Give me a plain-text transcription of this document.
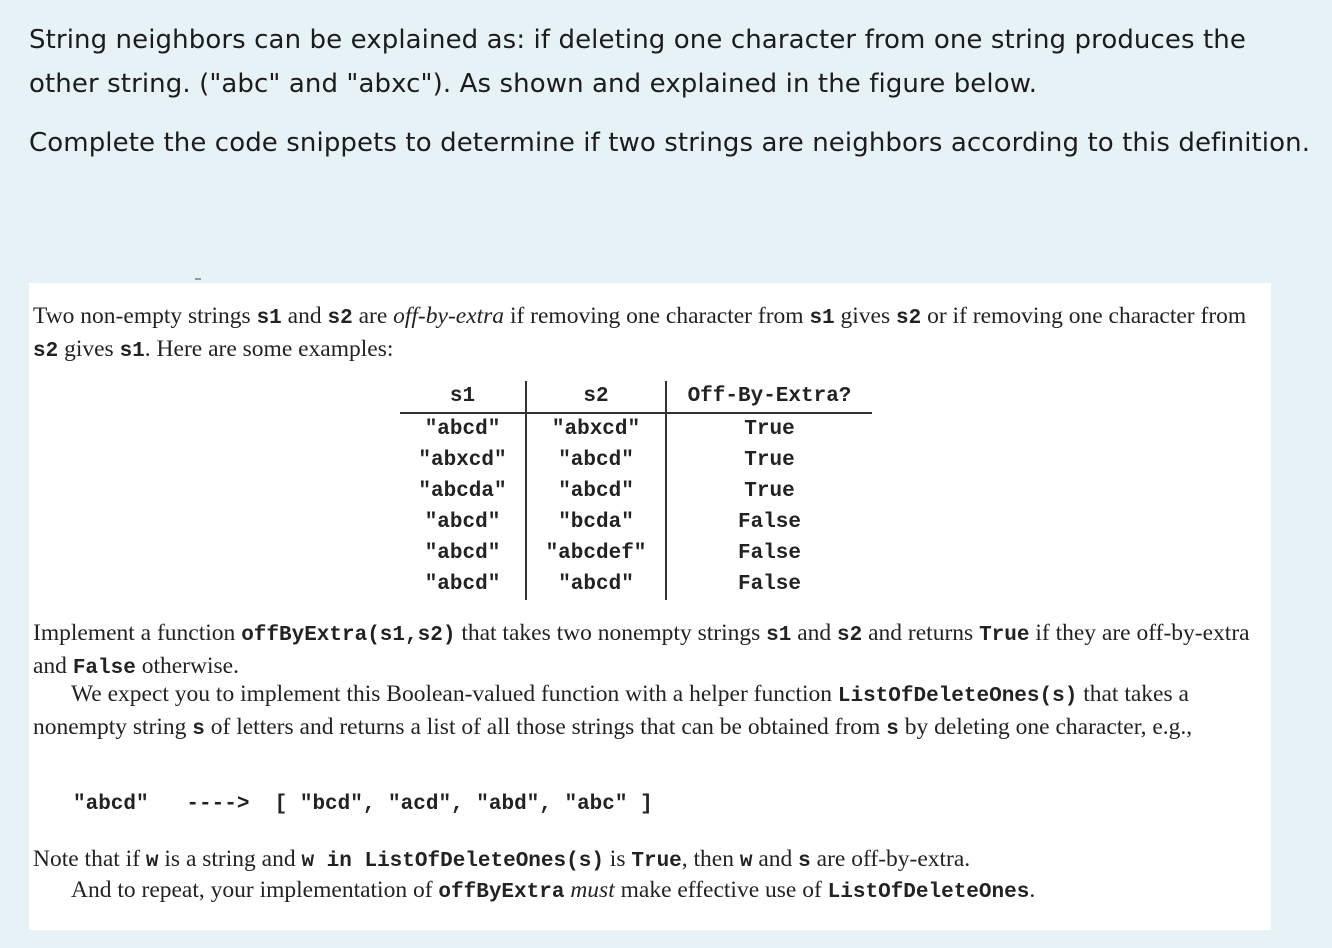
String neighbors can be explained as: if deleting one character from one string produces the other string. ("abc" and "abxc"). As shown and explained in the figure below.

Complete the code snippets to determine if two strings are neighbors according to this definition.

Two non-empty strings s1 and s2 are off-by-extra if removing one character from s1 gives s2 or if removing one character from s2 gives s1. Here are some examples:

s1	s2	Off-By-Extra?
"abcd"	"abxcd"	True
"abxcd"	"abcd"	True
"abcda"	"abcd"	True
"abcd"	"bcda"	False
"abcd"	"abcdef"	False
"abcd"	"abcd"	False

Implement a function offByExtra(s1,s2) that takes two nonempty strings s1 and s2 and returns True if they are off-by-extra and False otherwise.

We expect you to implement this Boolean-valued function with a helper function ListOfDeleteOnes(s) that takes a nonempty string s of letters and returns a list of all those strings that can be obtained from s by deleting one character, e.g.,

"abcd"   ---->  [ "bcd", "acd", "abd", "abc" ]

Note that if w is a string and w in ListOfDeleteOnes(s) is True, then w and s are off-by-extra.

And to repeat, your implementation of offByExtra must make effective use of ListOfDeleteOnes.
